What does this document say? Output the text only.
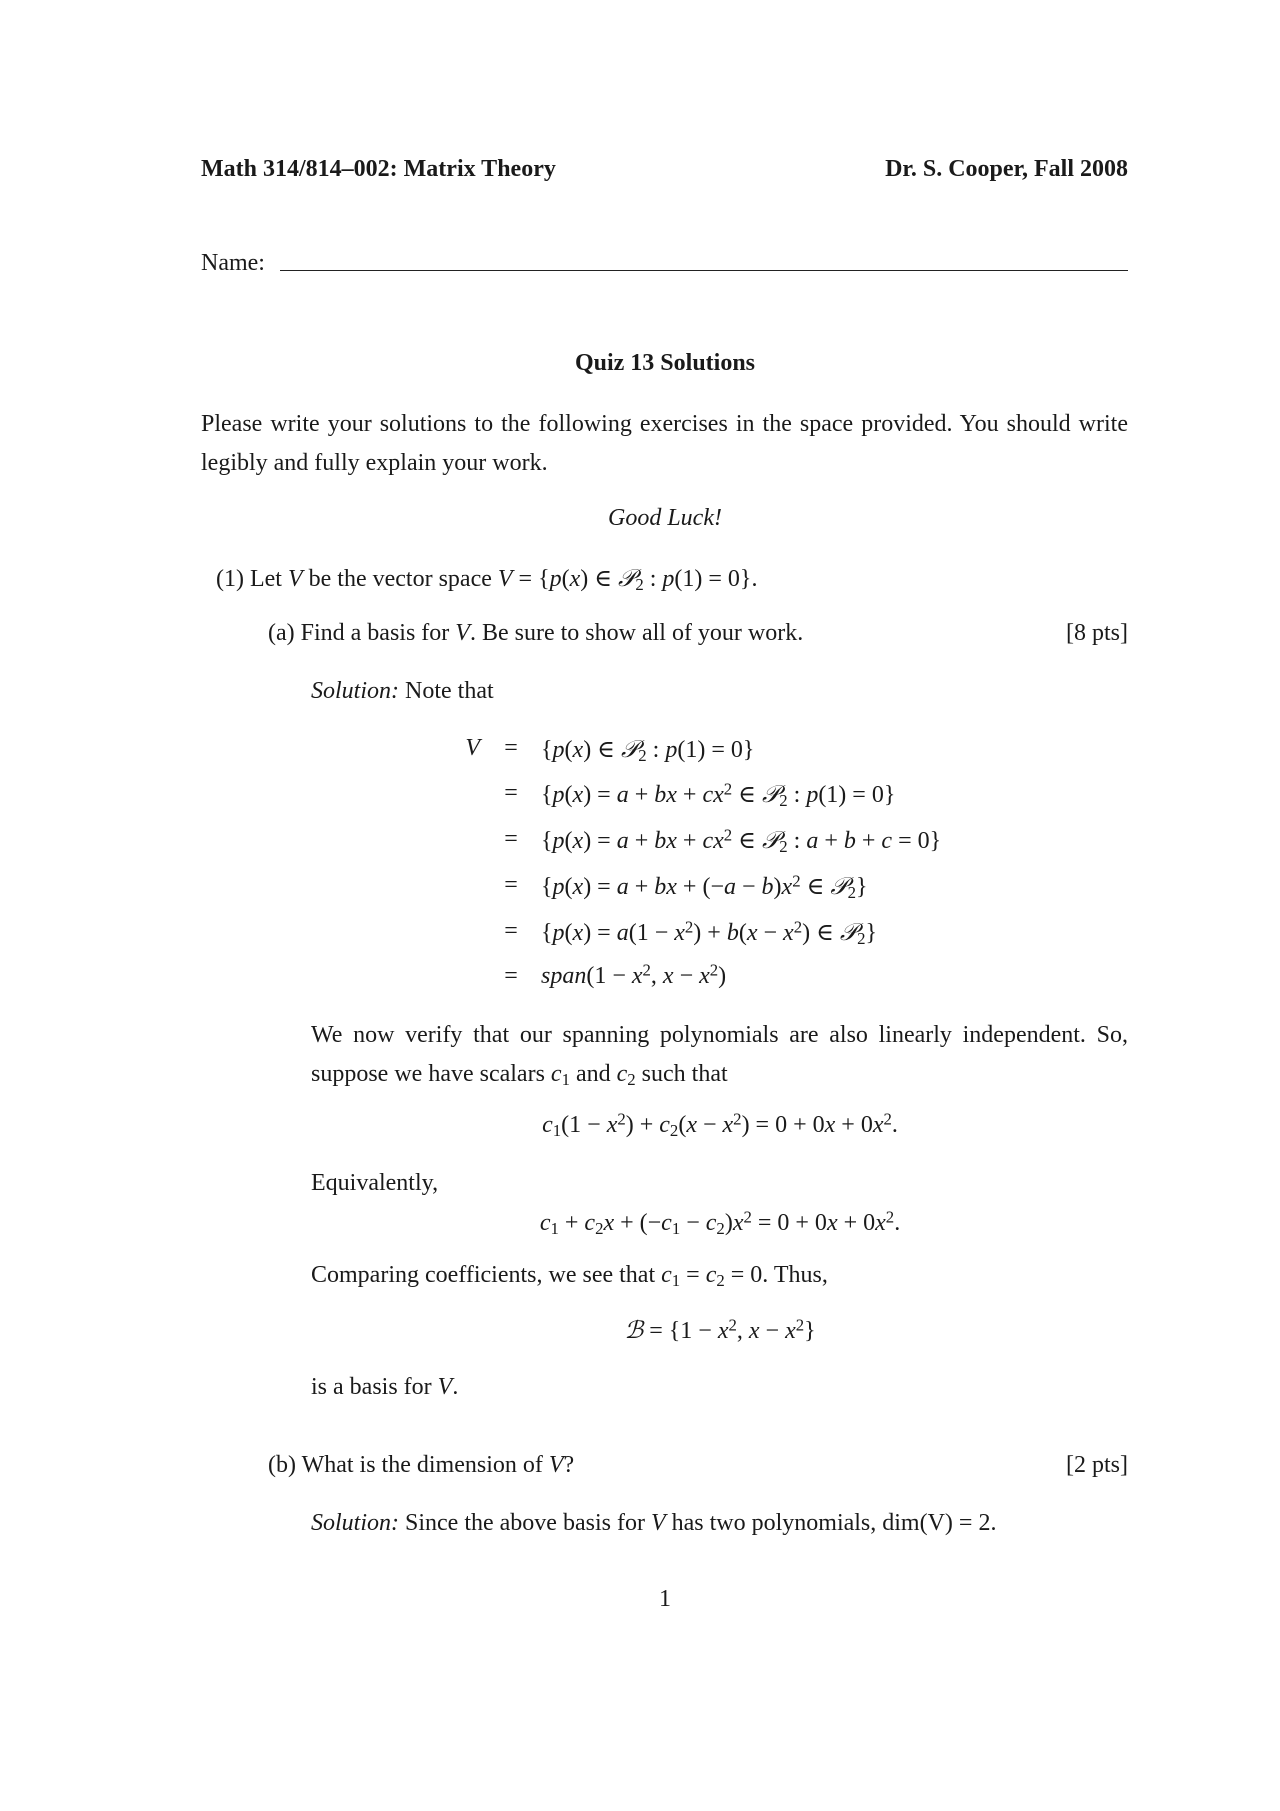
Math 314/814–002: Matrix Theory	Dr. S. Cooper, Fall 2008
Name:
Quiz 13 Solutions
Please write your solutions to the following exercises in the space provided. You should write legibly and fully explain your work.
Good Luck!
(1) Let V be the vector space V = {p(x) ∈ 𝒫$_2$ : p(1) = 0}.
(a) Find a basis for V. Be sure to show all of your work.	[8 pts]
Solution: Note that
V = {p(x) ∈ 𝒫$_2$ : p(1) = 0}
= {p(x) = a + bx + $cx^2$ ∈ 𝒫$_2$ : p(1) = 0}
= {p(x) = a + bx + $cx^2$ ∈ 𝒫$_2$ : a + b + c = 0}
= {p(x) = a + bx + $(-a - b)x^2$ ∈ 𝒫$_2$}
= {$p(x) = a(1 - x^2) + b(x - x^2)$ ∈ 𝒫$_2$}
= span(1 − $x^2$, $x - x^2$)
We now verify that our spanning polynomials are also linearly independent. So, suppose we have scalars $c_1$ and $c_2$ such that
$c_1(1 - x^2) + c_2(x - x^2) = 0 + 0x + 0x^2$.
Equivalently,
$c_1 + c_2x + (-c_1 - c_2)x^2 = 0 + 0x + 0x^2$.
Comparing coefficients, we see that $c_1 = c_2 = 0$. Thus,
ℬ = {$1 - x^2$, $x - x^2$}
is a basis for V.
(b) What is the dimension of V?	[2 pts]
Solution: Since the above basis for V has two polynomials, dim(V) = 2.
1
